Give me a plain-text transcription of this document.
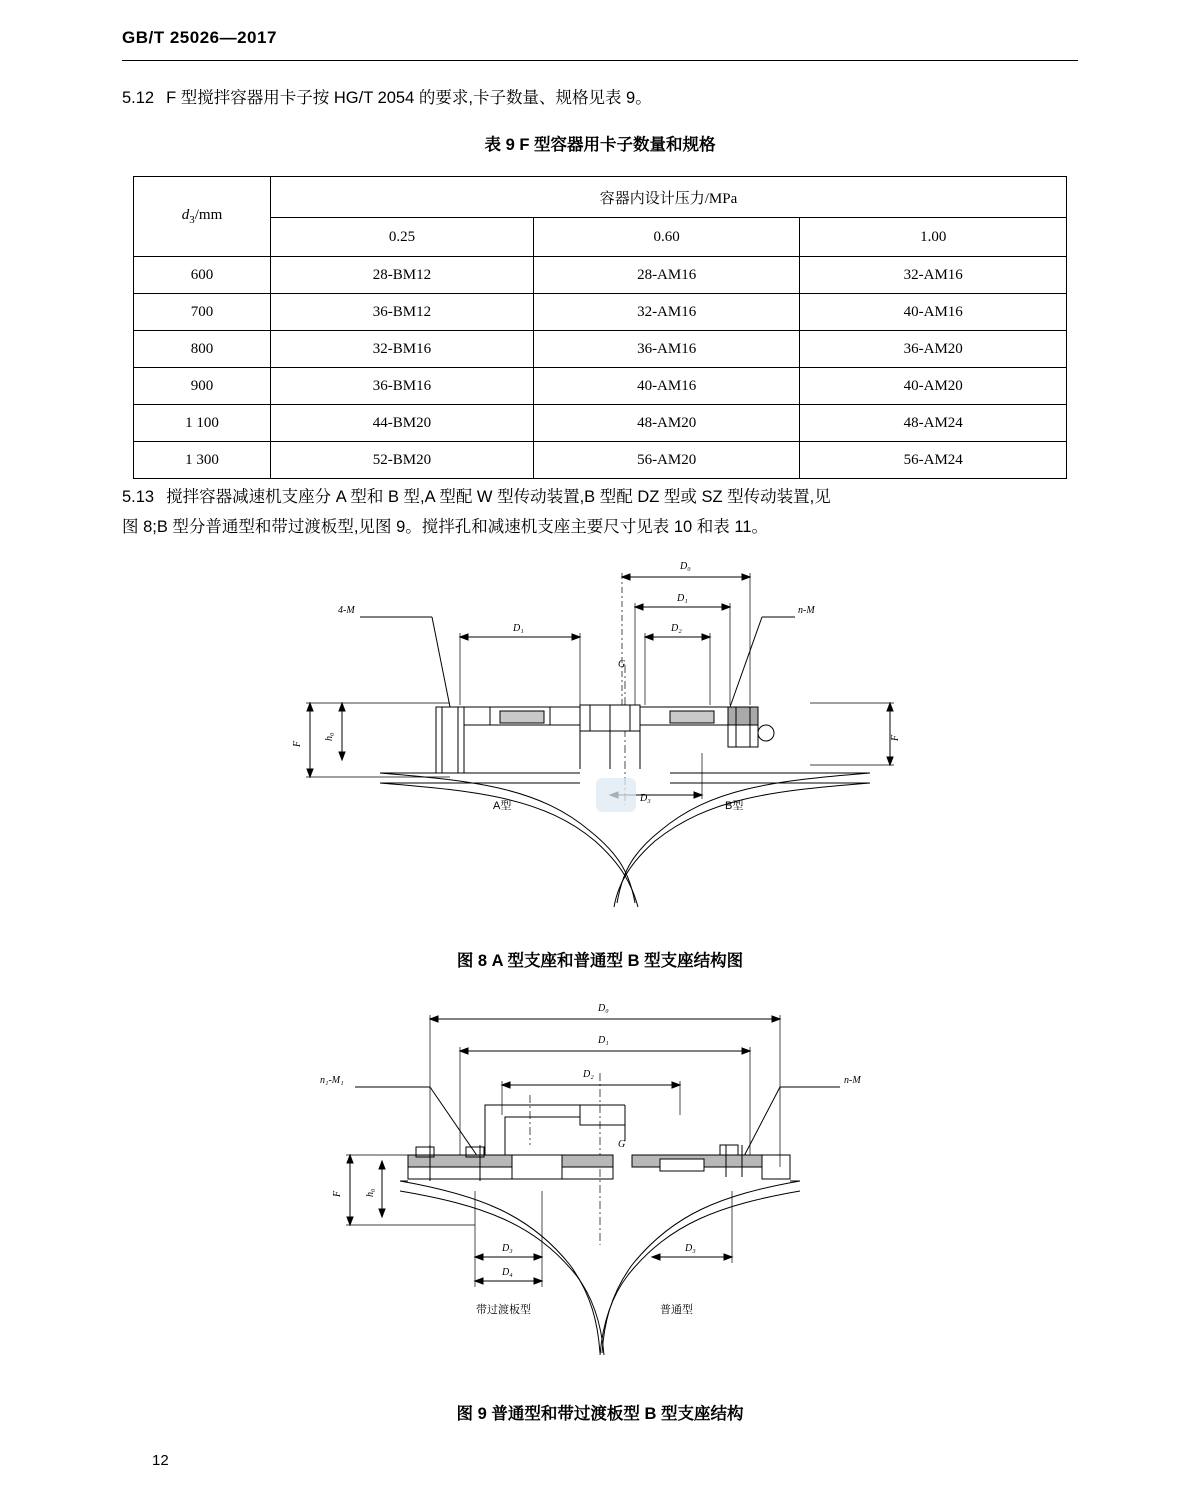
GB/T 25026—2017
5.12 F 型搅拌容器用卡子按 HG/T 2054 的要求,卡子数量、规格见表 9。
表 9 F 型容器用卡子数量和规格
$d_3/mm$	容器内设计压力/MPa		
	0.25	0.60	1.00
600	28-BM12	28-AM16	32-AM16
700	36-BM12	32-AM16	40-AM16
800	32-BM16	36-AM16	36-AM20
900	36-BM16	40-AM16	40-AM20
1 100	44-BM20	48-AM20	48-AM24
1 300	52-BM20	56-AM20	56-AM24
5.13 搅拌容器减速机支座分 A 型和 B 型,A 型配 W 型传动装置,B 型配 DZ 型或 SZ 型传动装置,见
图 8;B 型分普通型和带过渡板型,见图 9。搅拌孔和减速机支座主要尺寸见表 10 和表 11。
D₀
D₁
D₂
D₁
4-M	n-M
G
F
h₀	F
A型	B型
D₃
图 8 A 型支座和普通型 B 型支座结构图
D₀
D₁
D₂
n₁-M₁	n-M
G
F h₀
D₃
D₄
D₃
带过渡板型	普通型
图 9 普通型和带过渡板型 B 型支座结构
12
